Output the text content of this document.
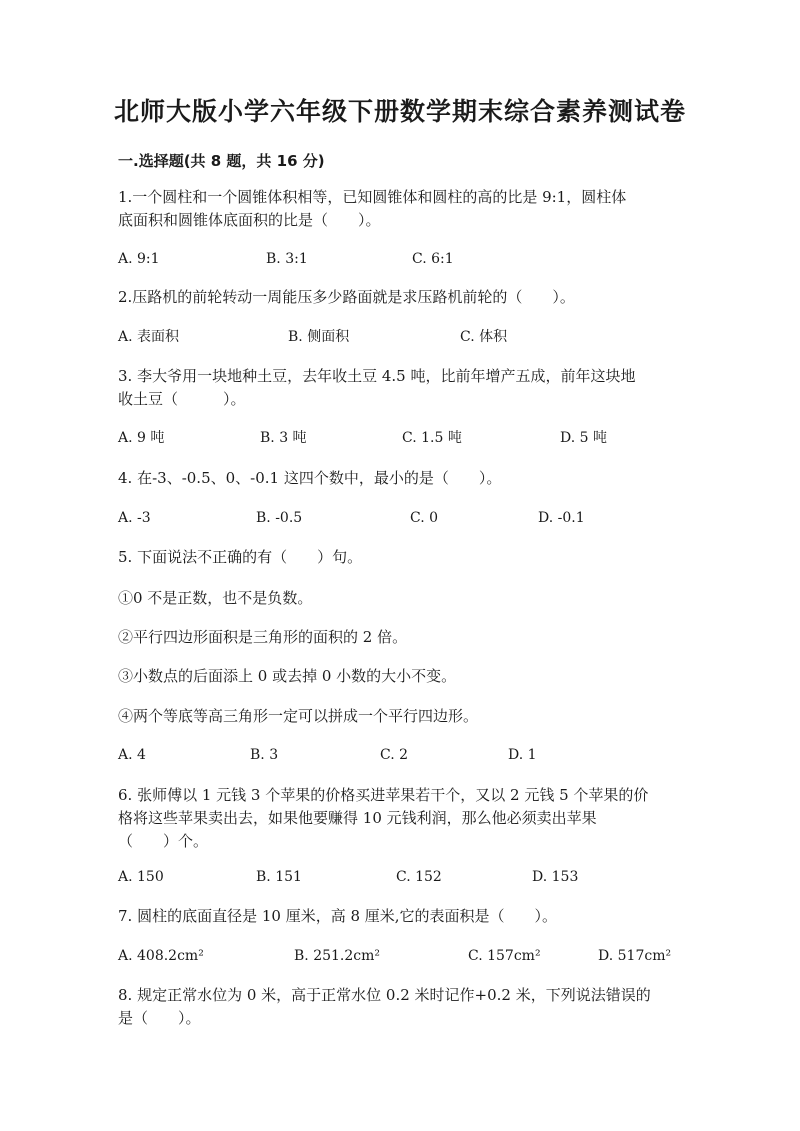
北师大版小学六年级下册数学期末综合素养测试卷
一.选择题(共 8 题，共 16 分)
1.一个圆柱和一个圆锥体积相等，已知圆锥体和圆柱的高的比是 9:1，圆柱体
底面积和圆锥体底面积的比是（　　）。
A. 9:1	B. 3:1	C. 6:1
2.压路机的前轮转动一周能压多少路面就是求压路机前轮的（　　）。
A. 表面积	B. 侧面积	C. 体积
3. 李大爷用一块地种土豆，去年收土豆 4.5 吨，比前年增产五成，前年这块地
收土豆（　　　）。
A. 9 吨	B. 3 吨	C. 1.5 吨	D. 5 吨
4. 在-3、-0.5、0、-0.1 这四个数中，最小的是（　　）。
A. -3	B. -0.5	C. 0	D. -0.1
5. 下面说法不正确的有（　　）句。
①0 不是正数，也不是负数。
②平行四边形面积是三角形的面积的 2 倍。
③小数点的后面添上 0 或去掉 0 小数的大小不变。
④两个等底等高三角形一定可以拼成一个平行四边形。
A. 4	B. 3	C. 2	D. 1
6. 张师傅以 1 元钱 3 个苹果的价格买进苹果若干个，又以 2 元钱 5 个苹果的价
格将这些苹果卖出去，如果他要赚得 10 元钱利润，那么他必须卖出苹果
（　　）个。
A. 150	B. 151	C. 152	D. 153
7. 圆柱的底面直径是 10 厘米，高 8 厘米,它的表面积是（　　）。
A. 408.2cm²	B. 251.2cm²	C. 157cm²	D. 517cm²
8. 规定正常水位为 0 米，高于正常水位 0.2 米时记作+0.2 米，下列说法错误的
是（　　）。
